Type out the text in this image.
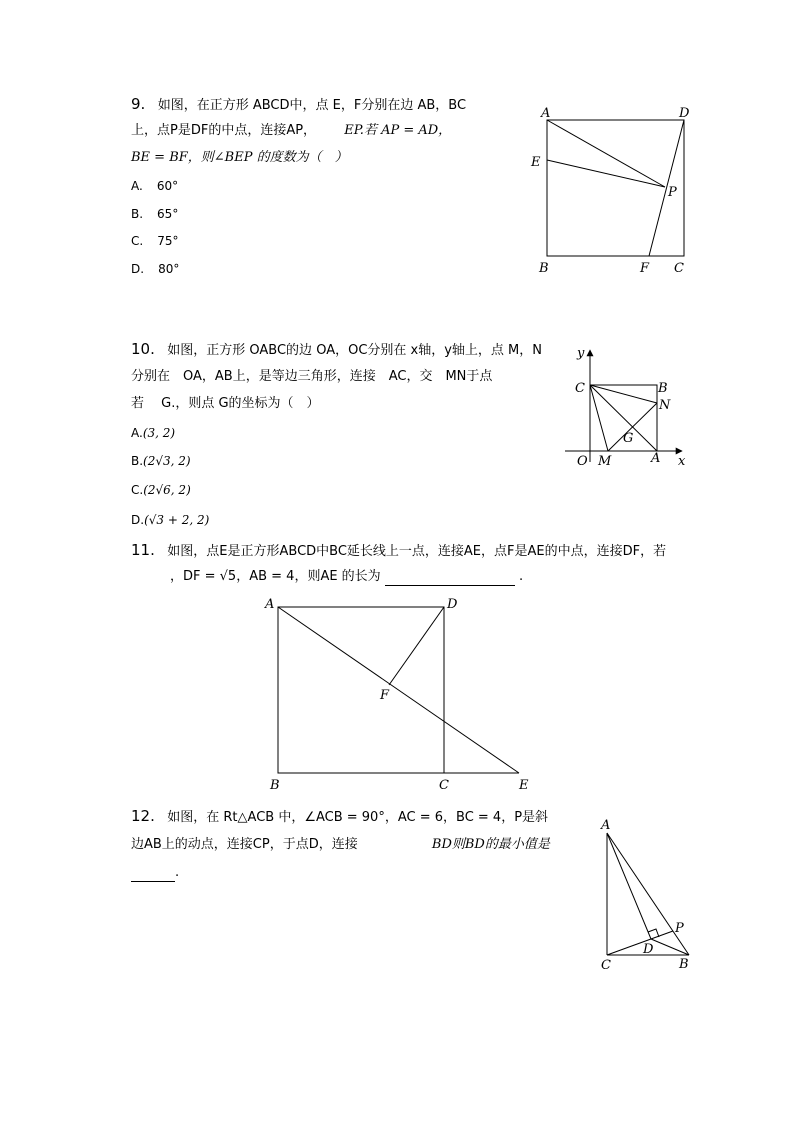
9. 如图，在正方形 ABCD中，点 E，F分别在边 AB，BC
上，点P是DF的中点，连接AP， EP.若 AP = AD，
BE = BF，则∠BEP 的度数为（　）
A. 60°
B. 65°
C. 75°
D. 80°
A	D
E
P
B	F C
10. 如图，正方形 OABC的边 OA，OC分别在 x轴，y轴上，点 M，N
分别在　OA，AB上，是等边三角形，连接　AC，交　MN于点
若　 G.，则点 G的坐标为（　）
A.(3, 2)
B.(2√3, 2)
C.(2√6, 2)
D.(√3 + 2, 2)
y
x
C	B
N
G
O M	A
11. 如图，点E是正方形ABCD中BC延长线上一点，连接AE，点F是AE的中点，连接DF，若
，DF = √5，AB = 4，则AE 的长为	.
A	D
F
B	C	E
12. 如图，在 Rt△ACB 中，∠ACB = 90°，AC = 6，BC = 4，P是斜
边AB上的动点，连接CP，于点D，连接	BD则BD的最小值是
.
A
P
D
C	B
